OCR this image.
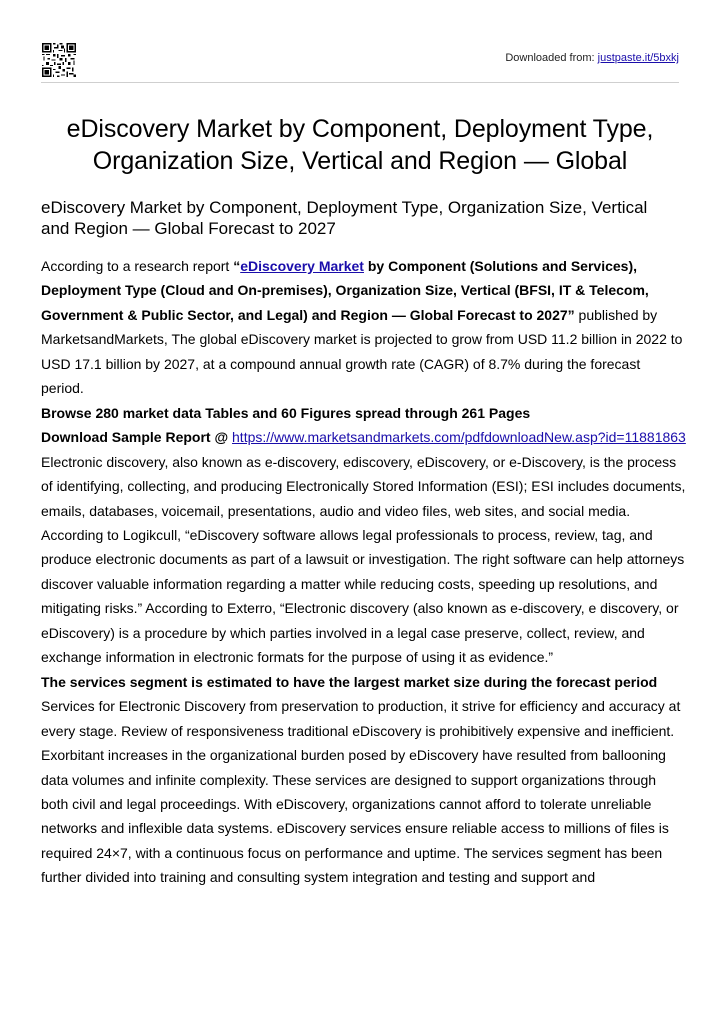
Downloaded from: justpaste.it/5bxkj
eDiscovery Market by Component, Deployment Type, Organization Size, Vertical and Region — Global
eDiscovery Market by Component, Deployment Type, Organization Size, Vertical and Region — Global Forecast to 2027

According to a research report “eDiscovery Market by Component (Solutions and Services), Deployment Type (Cloud and On-premises), Organization Size, Vertical (BFSI, IT & Telecom, Government & Public Sector, and Legal) and Region — Global Forecast to 2027” published by MarketsandMarkets, The global eDiscovery market is projected to grow from USD 11.2 billion in 2022 to USD 17.1 billion by 2027, at a compound annual growth rate (CAGR) of 8.7% during the forecast period.

Browse 280 market data Tables and 60 Figures spread through 261 Pages

Download Sample Report @ https://www.marketsandmarkets.com/pdfdownloadNew.asp?id=11881863

Electronic discovery, also known as e-discovery, ediscovery, eDiscovery, or e-Discovery, is the process of identifying, collecting, and producing Electronically Stored Information (ESI); ESI includes documents, emails, databases, voicemail, presentations, audio and video files, web sites, and social media. According to Logikcull, “eDiscovery software allows legal professionals to process, review, tag, and produce electronic documents as part of a lawsuit or investigation. The right software can help attorneys discover valuable information regarding a matter while reducing costs, speeding up resolutions, and mitigating risks.” According to Exterro, “Electronic discovery (also known as e-discovery, e discovery, or eDiscovery) is a procedure by which parties involved in a legal case preserve, collect, review, and exchange information in electronic formats for the purpose of using it as evidence.”

The services segment is estimated to have the largest market size during the forecast period

Services for Electronic Discovery from preservation to production, it strive for efficiency and accuracy at every stage. Review of responsiveness traditional eDiscovery is prohibitively expensive and inefficient. Exorbitant increases in the organizational burden posed by eDiscovery have resulted from ballooning data volumes and infinite complexity. These services are designed to support organizations through both civil and legal proceedings. With eDiscovery, organizations cannot afford to tolerate unreliable networks and inflexible data systems. eDiscovery services ensure reliable access to millions of files is required 24×7, with a continuous focus on performance and uptime. The services segment has been further divided into training and consulting system integration and testing and support and
